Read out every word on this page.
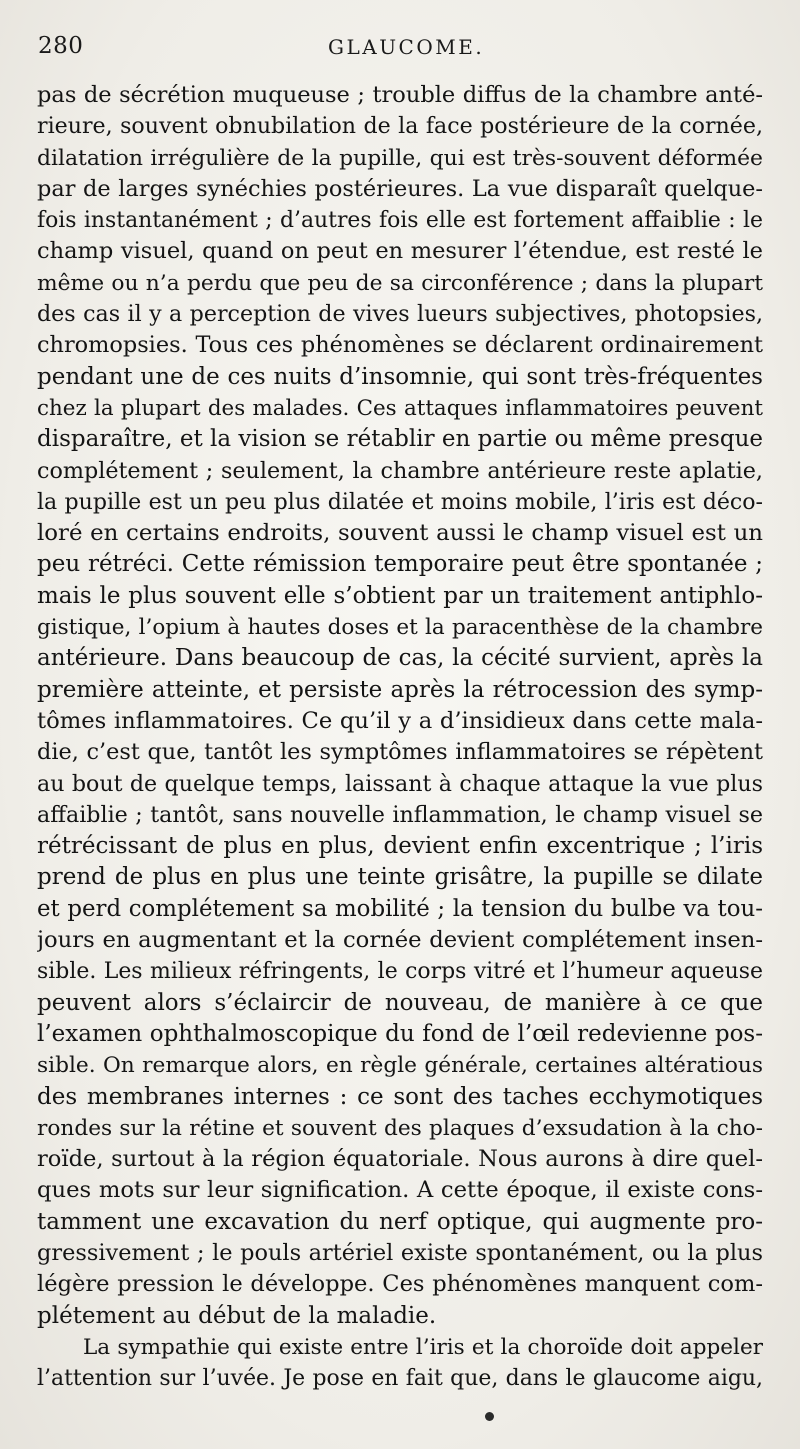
280	GLAUCOME.
pas de sécrétion muqueuse ; trouble diffus de la chambre anté-
rieure, souvent obnubilation de la face postérieure de la cornée,
dilatation irrégulière de la pupille, qui est très-souvent déformée
par de larges synéchies postérieures. La vue disparaît quelque-
fois instantanément ; d’autres fois elle est fortement affaiblie : le
champ visuel, quand on peut en mesurer l’étendue, est resté le
même ou n’a perdu que peu de sa circonférence ; dans la plupart
des cas il y a perception de vives lueurs subjectives, photopsies,
chromopsies. Tous ces phénomènes se déclarent ordinairement
pendant une de ces nuits d’insomnie, qui sont très-fréquentes
chez la plupart des malades. Ces attaques inflammatoires peuvent
disparaître, et la vision se rétablir en partie ou même presque
complétement ; seulement, la chambre antérieure reste aplatie,
la pupille est un peu plus dilatée et moins mobile, l’iris est déco-
loré en certains endroits, souvent aussi le champ visuel est un
peu rétréci. Cette rémission temporaire peut être spontanée ;
mais le plus souvent elle s’obtient par un traitement antiphlo-
gistique, l’opium à hautes doses et la paracenthèse de la chambre
antérieure. Dans beaucoup de cas, la cécité survient, après la
première atteinte, et persiste après la rétrocession des symp-
tômes inflammatoires. Ce qu’il y a d’insidieux dans cette mala-
die, c’est que, tantôt les symptômes inflammatoires se répètent
au bout de quelque temps, laissant à chaque attaque la vue plus
affaiblie ; tantôt, sans nouvelle inflammation, le champ visuel se
rétrécissant de plus en plus, devient enfin excentrique ; l’iris
prend de plus en plus une teinte grisâtre, la pupille se dilate
et perd complétement sa mobilité ; la tension du bulbe va tou-
jours en augmentant et la cornée devient complétement insen-
sible. Les milieux réfringents, le corps vitré et l’humeur aqueuse
peuvent alors s’éclaircir de nouveau, de manière à ce que
l’examen ophthalmoscopique du fond de l’œil redevienne pos-
sible. On remarque alors, en règle générale, certaines altératious
des membranes internes : ce sont des taches ecchymotiques
rondes sur la rétine et souvent des plaques d’exsudation à la cho-
roïde, surtout à la région équatoriale. Nous aurons à dire quel-
ques mots sur leur signification. A cette époque, il existe cons-
tamment une excavation du nerf optique, qui augmente pro-
gressivement ; le pouls artériel existe spontanément, ou la plus
légère pression le développe. Ces phénomènes manquent com-
plétement au début de la maladie.
La sympathie qui existe entre l’iris et la choroïde doit appeler
l’attention sur l’uvée. Je pose en fait que, dans le glaucome aigu,
